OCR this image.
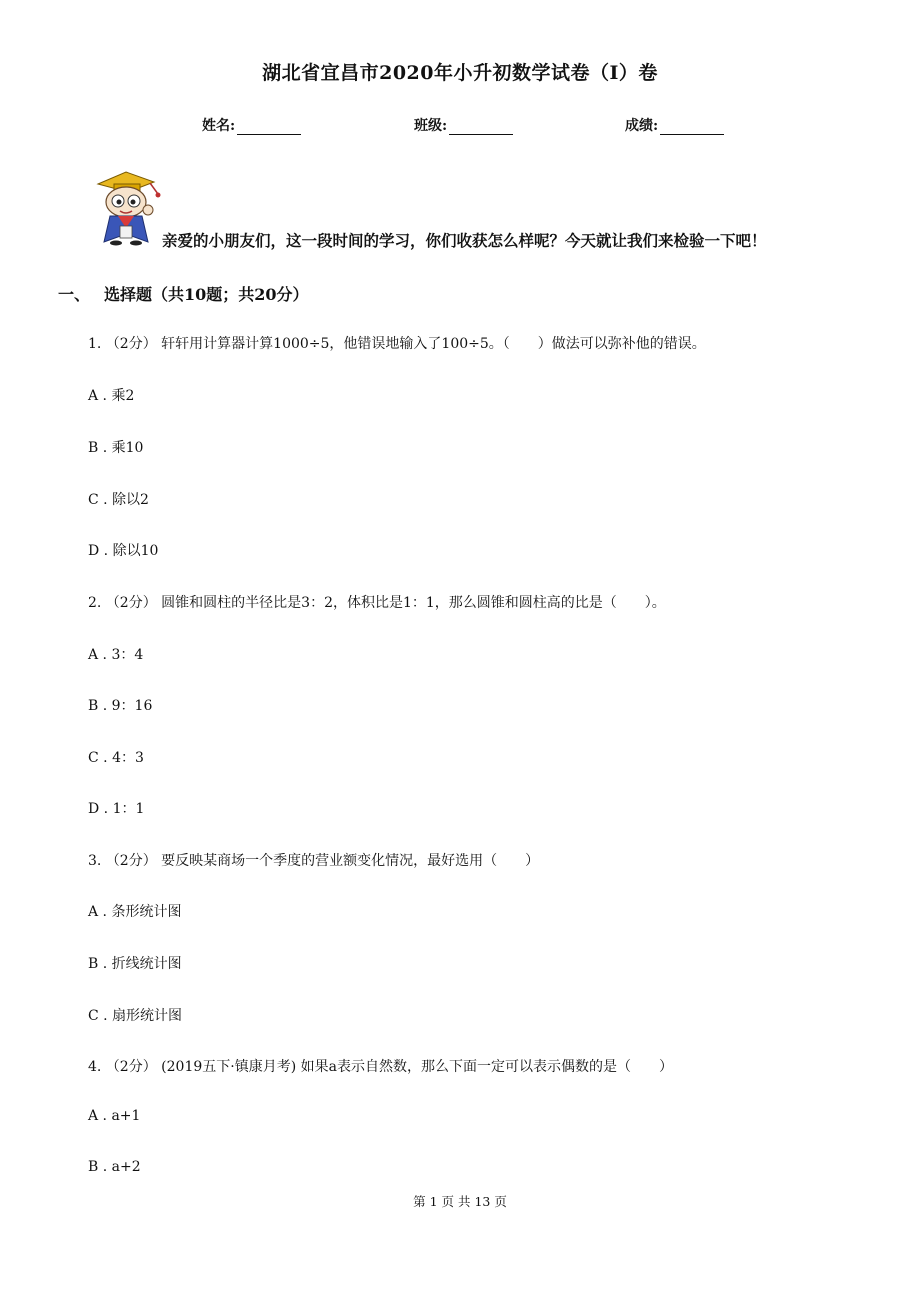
湖北省宜昌市2020年小升初数学试卷（I）卷
姓名:	班级:	成绩:
亲爱的小朋友们，这一段时间的学习，你们收获怎么样呢？今天就让我们来检验一下吧！
一、 选择题（共10题；共20分）
1. （2分） 轩轩用计算器计算1000÷5，他错误地输入了100÷5。（　　）做法可以弥补他的错误。
A . 乘2
B . 乘10
C . 除以2
D . 除以10
2. （2分） 圆锥和圆柱的半径比是3：2，体积比是1：1，那么圆锥和圆柱高的比是（　　）。
A . 3：4
B . 9：16
C . 4：3
D . 1：1
3. （2分） 要反映某商场一个季度的营业额变化情况，最好选用（　　）
A . 条形统计图
B . 折线统计图
C . 扇形统计图
4. （2分） (2019五下·镇康月考) 如果a表示自然数，那么下面一定可以表示偶数的是（　　）
A . a+1
B . a+2
第 1 页 共 13 页
